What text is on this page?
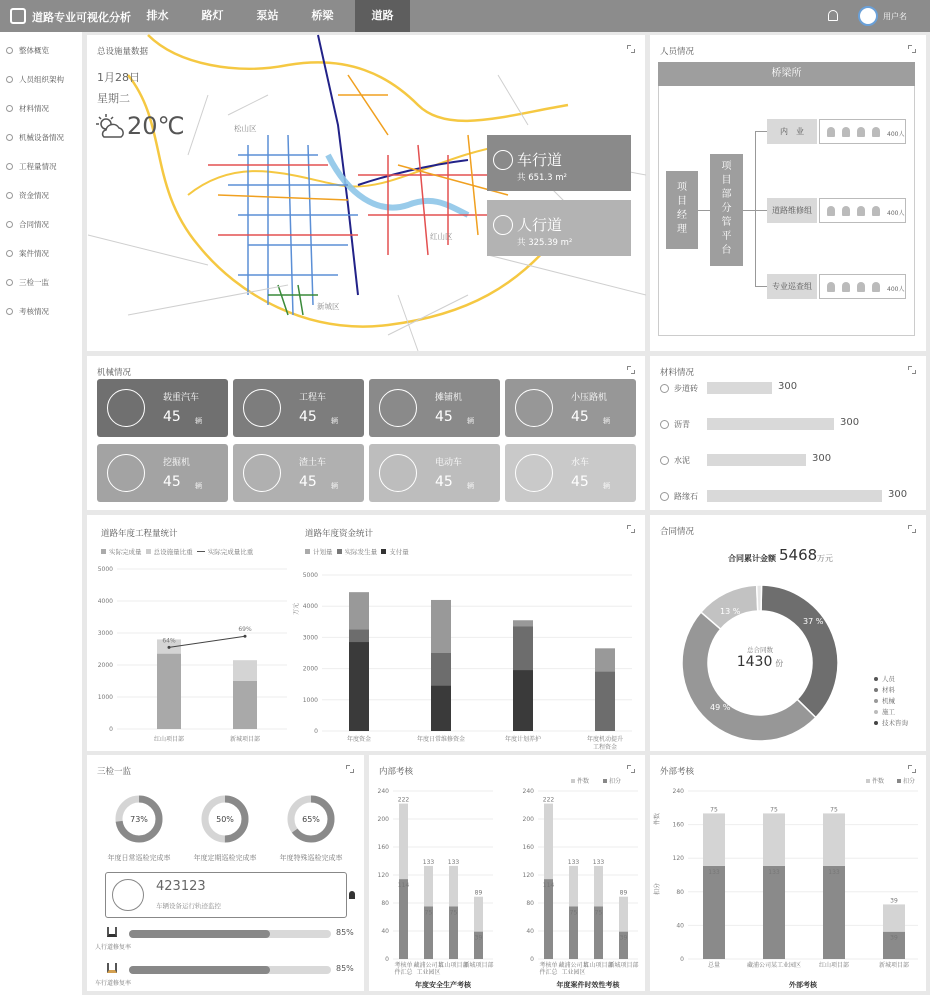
道路专业可视化分析	排水	路灯	泵站	桥梁	道路	用户名
整体概览
人员组织架构
材料情况
机械设备情况
工程量情况
资金情况
合同情况
案件情况
三检一监
考核情况
总设施量数据
1月28日
星期二
20℃	松山区
红山区
新城区
车行道
共 651.3 m²
人行道
共 325.39 m²
人员情况
桥梁所
项目经理
项目部分管平台
内　业
道路维修组
专业巡查组
400人
400人
400人
机械情况
载重汽车
45 辆
工程车
45 辆
摊铺机
45 辆
小压路机
45 辆
挖掘机
45 辆
渣土车
45 辆
电动车
45 辆
水车
45 辆
材料情况
步道砖	300
沥青	300
水泥	300
路缘石	300
道路年度工程量统计	道路年度资金统计
实际完成量
总设施量比重
实际完成量比重	计划量
实际发生量
支付量
5000
4000
3000
2000
1000
0
红山项目部	新城项目部
64%
69%
5000
4000
3000
2000
1000
0
万元
年度资金	年度日常维修资金	年度计划养护	年度机动提升
工程资金
合同情况
合同累计金额 5468 万元
总合同数
1430 份
37 %
49 %
13 %
人员
材料
机械
施工
技术咨询
三检一监
73%
年度日常巡检完成率
50%
年度定期巡检完成率
65%
年度特殊巡检完成率
423123
车辆设备运行轨迹监控
85%
人行道修复率
85%
车行道修复率
内部考核
件数	扣分
240
200
160
120
80
40
0
222
114
考核单
件汇总
133
75
藏浦公司某
工业园区
133
75
红山项目部
89
39
新城项目部
年度安全生产考核
240
200
160
120
80
40
0
222
114
考核单
件汇总
133
75
藏浦公司某
工业园区
133
75
红山项目部
89
39
新城项目部
年度案件时效性考核
外部考核
件数	扣分
件数
扣分
240
160
120
80
40
0
75
133
总量
75
133
藏浦公司某工业园区
75
133
红山项目部
39
39
新城项目部
外部考核
